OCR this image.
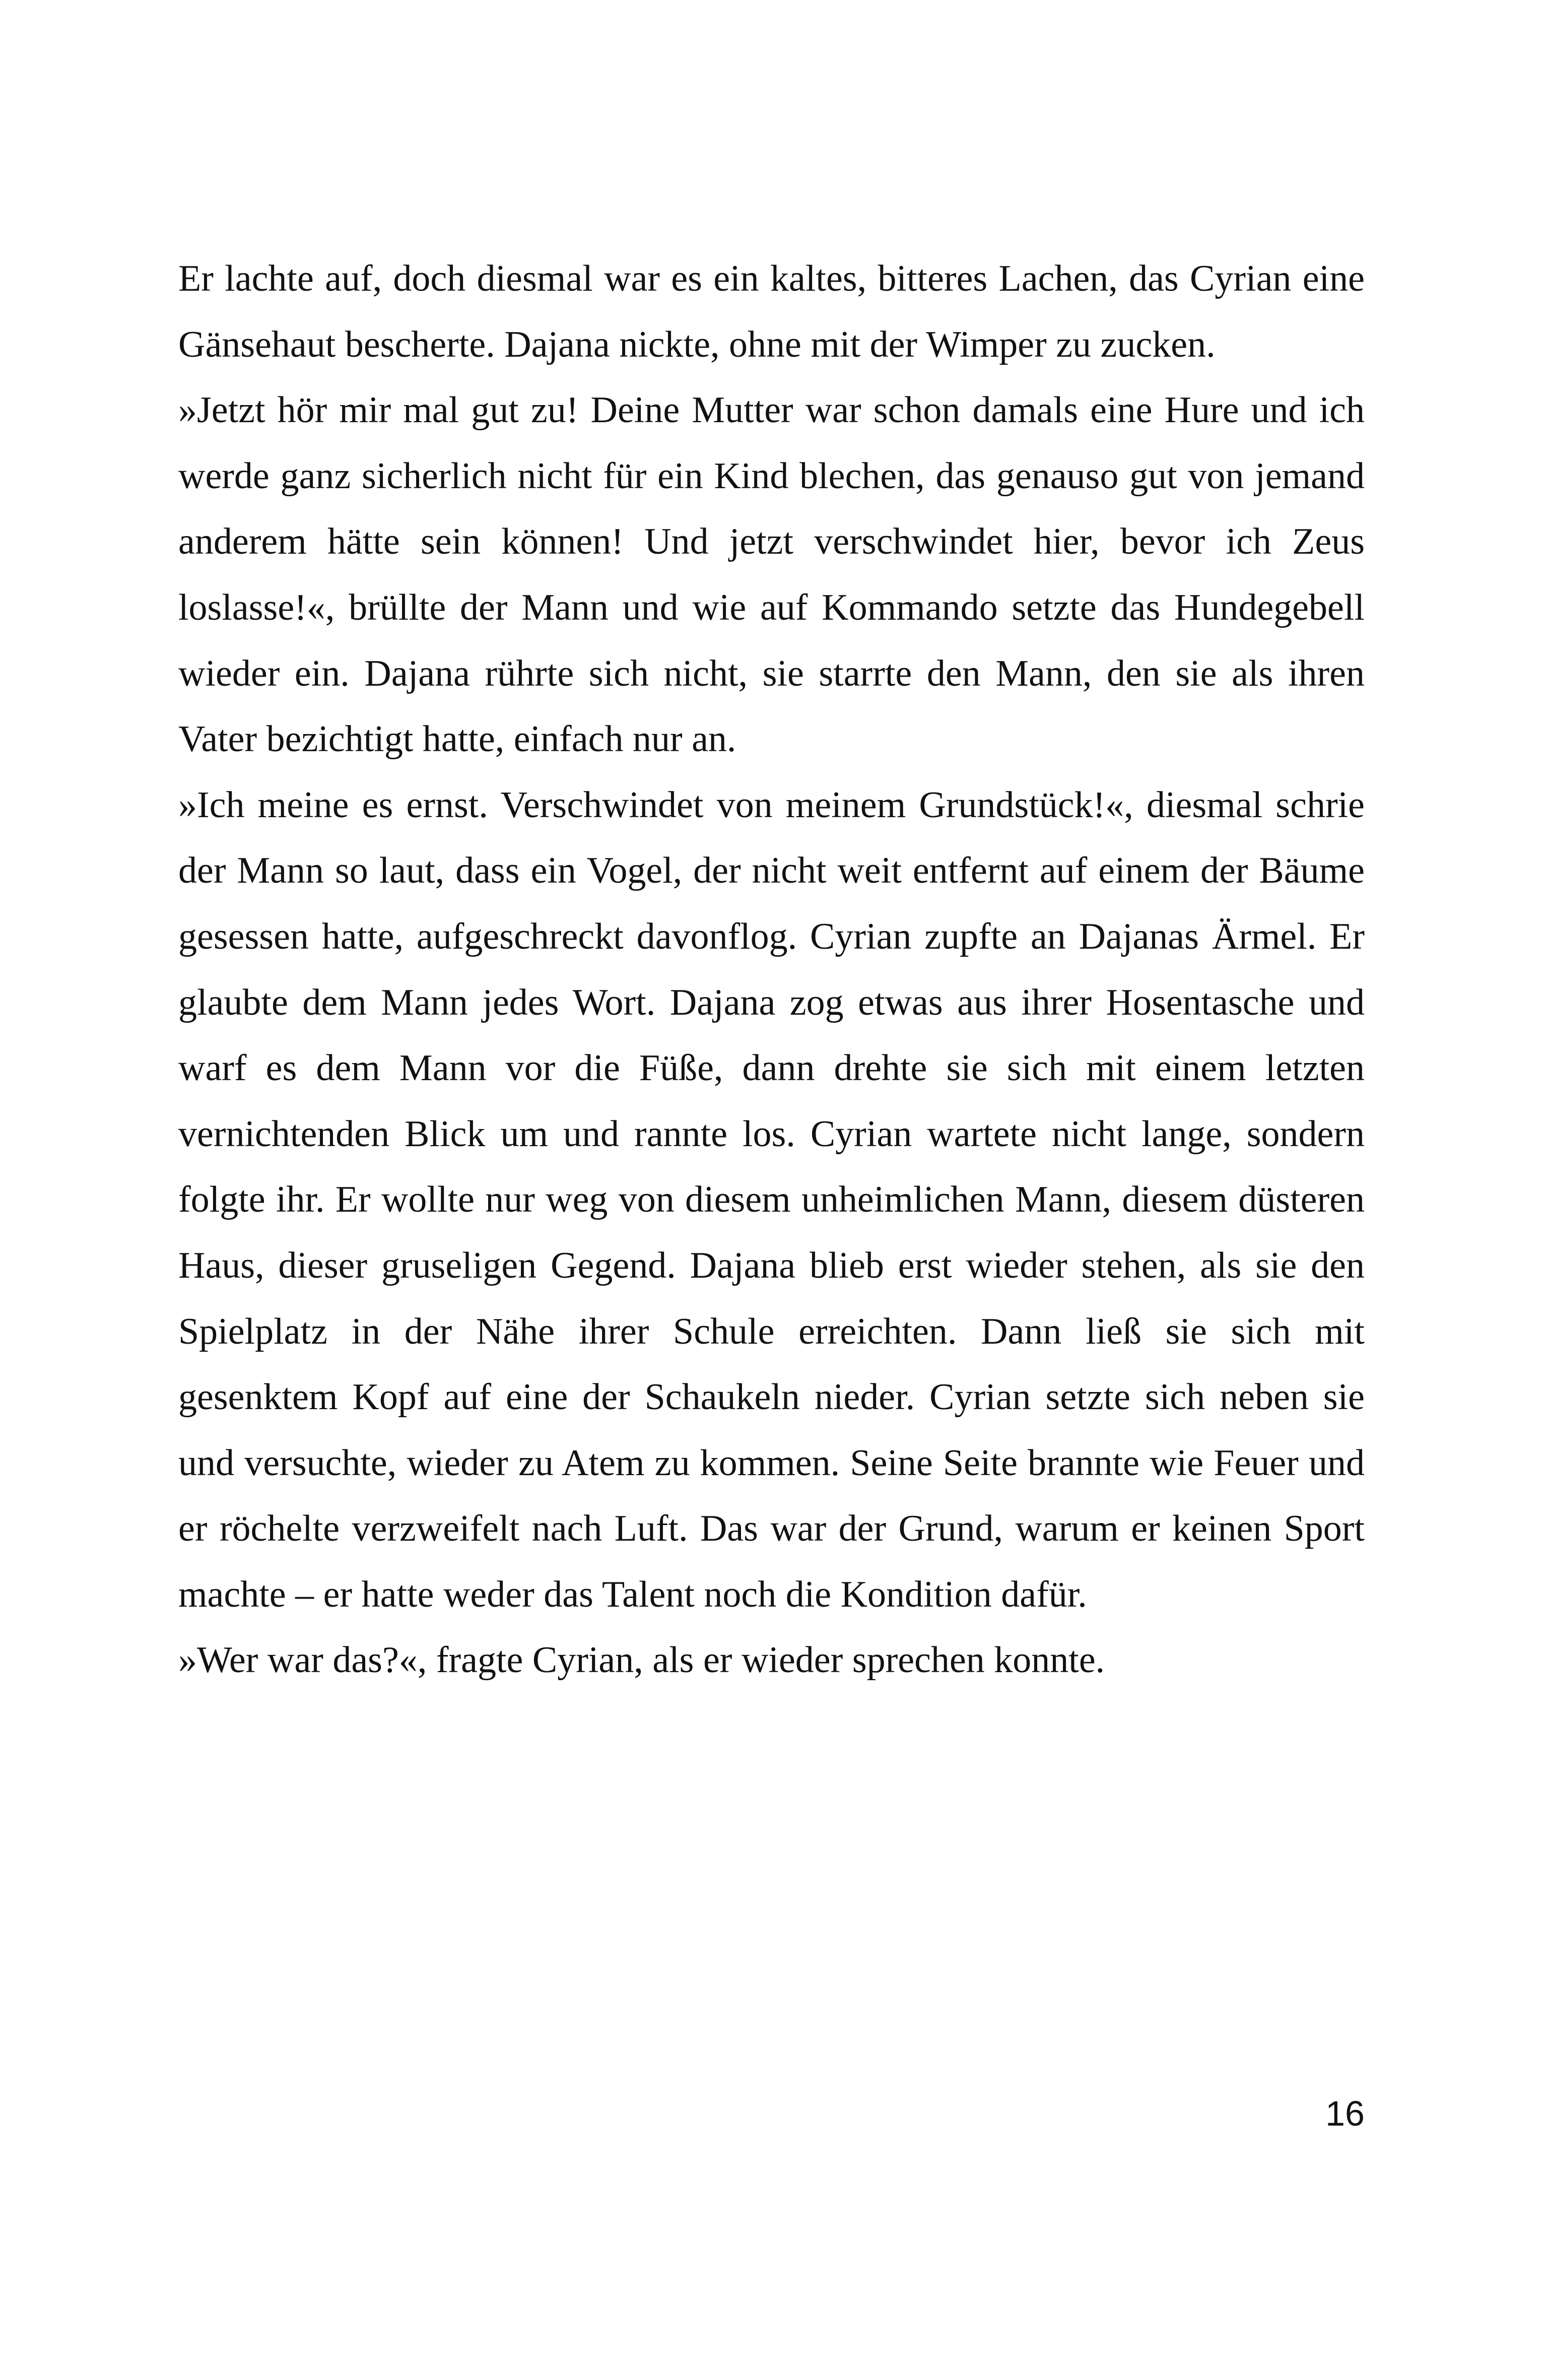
Er lachte auf, doch diesmal war es ein kaltes, bitteres Lachen, das Cyrian eine Gänsehaut bescherte. Dajana nickte, ohne mit der Wimper zu zucken.

»Jetzt hör mir mal gut zu! Deine Mutter war schon damals eine Hure und ich werde ganz sicherlich nicht für ein Kind blechen, das genauso gut von jemand anderem hätte sein können! Und jetzt verschwindet hier, bevor ich Zeus loslasse!«, brüllte der Mann und wie auf Kommando setzte das Hundegebell wieder ein. Dajana rührte sich nicht, sie starrte den Mann, den sie als ihren Vater bezichtigt hatte, einfach nur an.

»Ich meine es ernst. Verschwindet von meinem Grundstück!«, diesmal schrie der Mann so laut, dass ein Vogel, der nicht weit entfernt auf einem der Bäume gesessen hatte, aufgeschreckt davonflog. Cyrian zupfte an Dajanas Ärmel. Er glaubte dem Mann jedes Wort. Dajana zog etwas aus ihrer Hosentasche und warf es dem Mann vor die Füße, dann drehte sie sich mit einem letzten vernichtenden Blick um und rannte los. Cyrian wartete nicht lange, sondern folgte ihr. Er wollte nur weg von diesem unheimlichen Mann, diesem düsteren Haus, dieser gruseligen Gegend. Dajana blieb erst wieder stehen, als sie den Spielplatz in der Nähe ihrer Schule erreichten. Dann ließ sie sich mit gesenktem Kopf auf eine der Schaukeln nieder. Cyrian setzte sich neben sie und versuchte, wieder zu Atem zu kommen. Seine Seite brannte wie Feuer und er röchelte verzweifelt nach Luft. Das war der Grund, warum er keinen Sport machte – er hatte weder das Talent noch die Kondition dafür.

»Wer war das?«, fragte Cyrian, als er wieder sprechen konnte.

16
